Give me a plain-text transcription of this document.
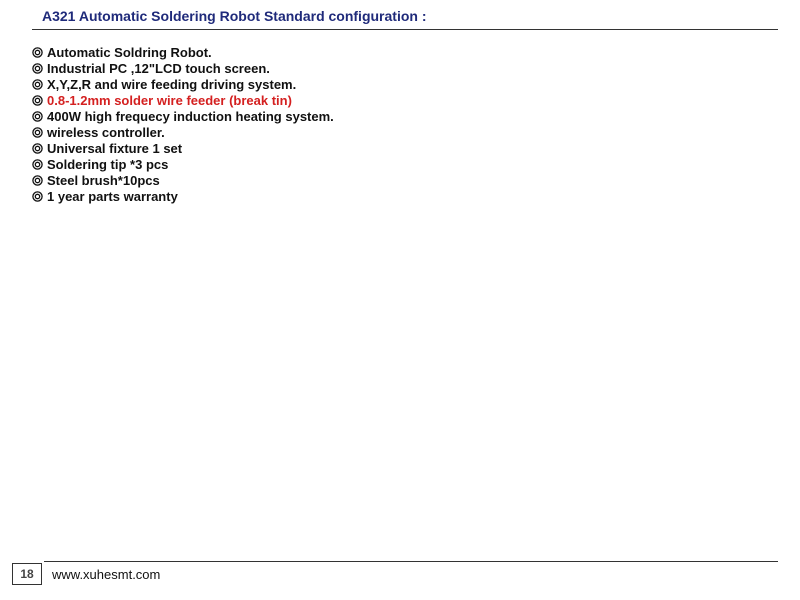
A321 Automatic Soldering Robot Standard configuration :
Automatic Soldring Robot.
Industrial PC ,12"LCD touch screen.
X,Y,Z,R and wire feeding driving system.
0.8-1.2mm solder wire feeder (break tin)
400W high frequecy induction heating system.
wireless controller.
Universal fixture 1 set
Soldering tip *3 pcs
Steel brush*10pcs
1 year parts warranty
18	www.xuhesmt.com
